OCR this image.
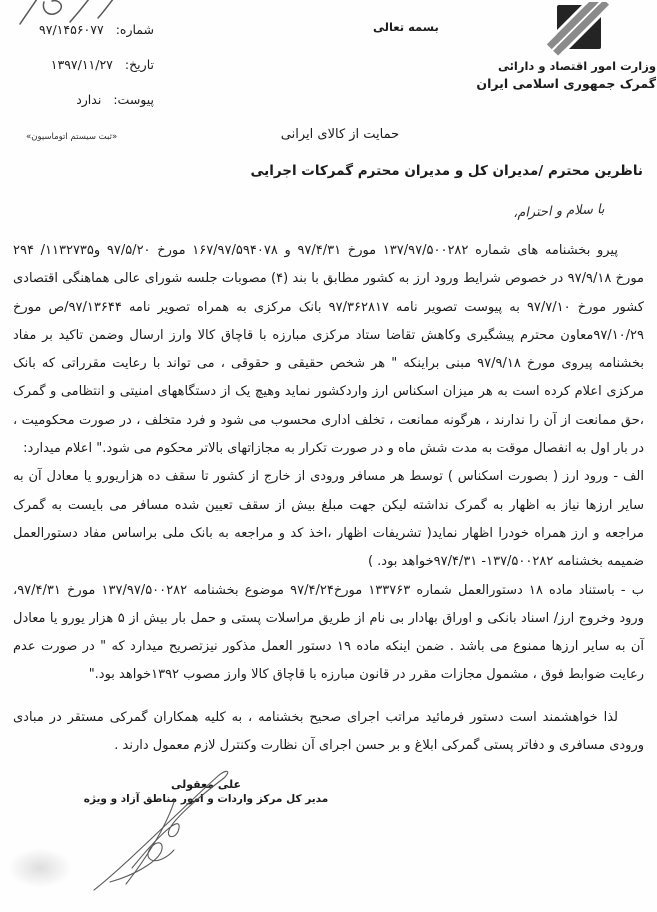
شماره:
۹۷/۱۴۵۶۰۷۷
تاریخ:
۱۳۹۷/۱۱/۲۷
پیوست:
ندارد
«ثبت سیستم اتوماسیون»
بسمه تعالی
وزارت امور اقتصاد و دارائی
گمرک جمهوری اسلامی ایران
حمایت از کالای ایرانی
ناظرین محترم /مدیران کل و مدیران محترم گمرکات اجرایی
با سلام و احترام،

پیرو بخشنامه های شماره ۱۳۷/۹۷/۵۰۰۲۸۲ مورخ ۹۷/۴/۳۱ و ۱۶۷/۹۷/۵۹۴۰۷۸ مورخ ۹۷/۵/۲۰ و۱۱۳۲۷۳۵/ ۲۹۴ مورخ ۹۷/۹/۱۸ در خصوص شرایط ورود ارز به کشور مطابق با بند (۴) مصوبات جلسه شورای عالی هماهنگی اقتصادی کشور مورخ ۹۷/۷/۱۰ به پیوست تصویر نامه ۹۷/۳۶۲۸۱۷ بانک مرکزی به همراه تصویر نامه ۹۷/۱۳۶۴۴/ص مورخ ۹۷/۱۰/۲۹معاون محترم پیشگیری وکاهش تقاضا ستاد مرکزی مبارزه با قاچاق کالا وارز ارسال وضمن تاکید بر مفاد بخشنامه پیروی مورخ ۹۷/۹/۱۸ مبنی براینکه " هر شخص حقیقی و حقوقی ، می تواند با رعایت مقرراتی که بانک مرکزی اعلام کرده است به هر میزان اسکناس ارز واردکشور نماید وهیچ یک از دستگاههای امنیتی و انتظامی و گمرک ،حق ممانعت از آن را ندارند ، هرگونه ممانعت ، تخلف اداری محسوب می شود و فرد متخلف ، در صورت محکومیت ، در بار اول به انفصال موقت به مدت شش ماه و در صورت تکرار به مجازاتهای بالاتر محکوم می شود." اعلام میدارد:

الف - ورود ارز ( بصورت اسکناس ) توسط هر مسافر ورودی از خارج از کشور تا سقف ده هزاریورو یا معادل آن به سایر ارزها نیاز به اظهار به گمرک نداشته لیکن جهت مبلغ بیش از سقف تعیین شده مسافر می بایست به گمرک مراجعه و ارز همراه خودرا اظهار نماید( تشریفات اظهار ،اخذ کد و مراجعه به بانک ملی براساس مفاد دستورالعمل ضمیمه بخشنامه ۱۳۷/۵۰۰۲۸۲- ۹۷/۴/۳۱خواهد بود. )

ب - باستناد ماده ۱۸ دستورالعمل شماره ۱۳۳۷۶۳ مورخ۹۷/۴/۲۴ موضوع بخشنامه ۱۳۷/۹۷/۵۰۰۲۸۲ مورخ ۹۷/۴/۳۱، ورود وخروج ارز/ اسناد بانکی و اوراق بهادار بی نام از طریق مراسلات پستی و حمل بار بیش از ۵ هزار یورو یا معادل آن به سایر ارزها ممنوع می باشد . ضمن اینکه ماده ۱۹ دستور العمل مذکور نیزتصریح میدارد که " در صورت عدم رعایت ضوابط فوق ، مشمول مجازات مقرر در قانون مبارزه با قاچاق کالا وارز مصوب ۱۳۹۲خواهد بود."

لذا خواهشمند است دستور فرمائید مراتب اجرای صحیح بخشنامه ، به کلیه همکاران گمرکی مستقر در مبادی ورودی مسافری و دفاتر پستی گمرکی ابلاغ و بر حسن اجرای آن نظارت وکنترل لازم معمول دارند .

علی معقولی
مدیر کل مرکز واردات و امور مناطق آزاد و ویژه
